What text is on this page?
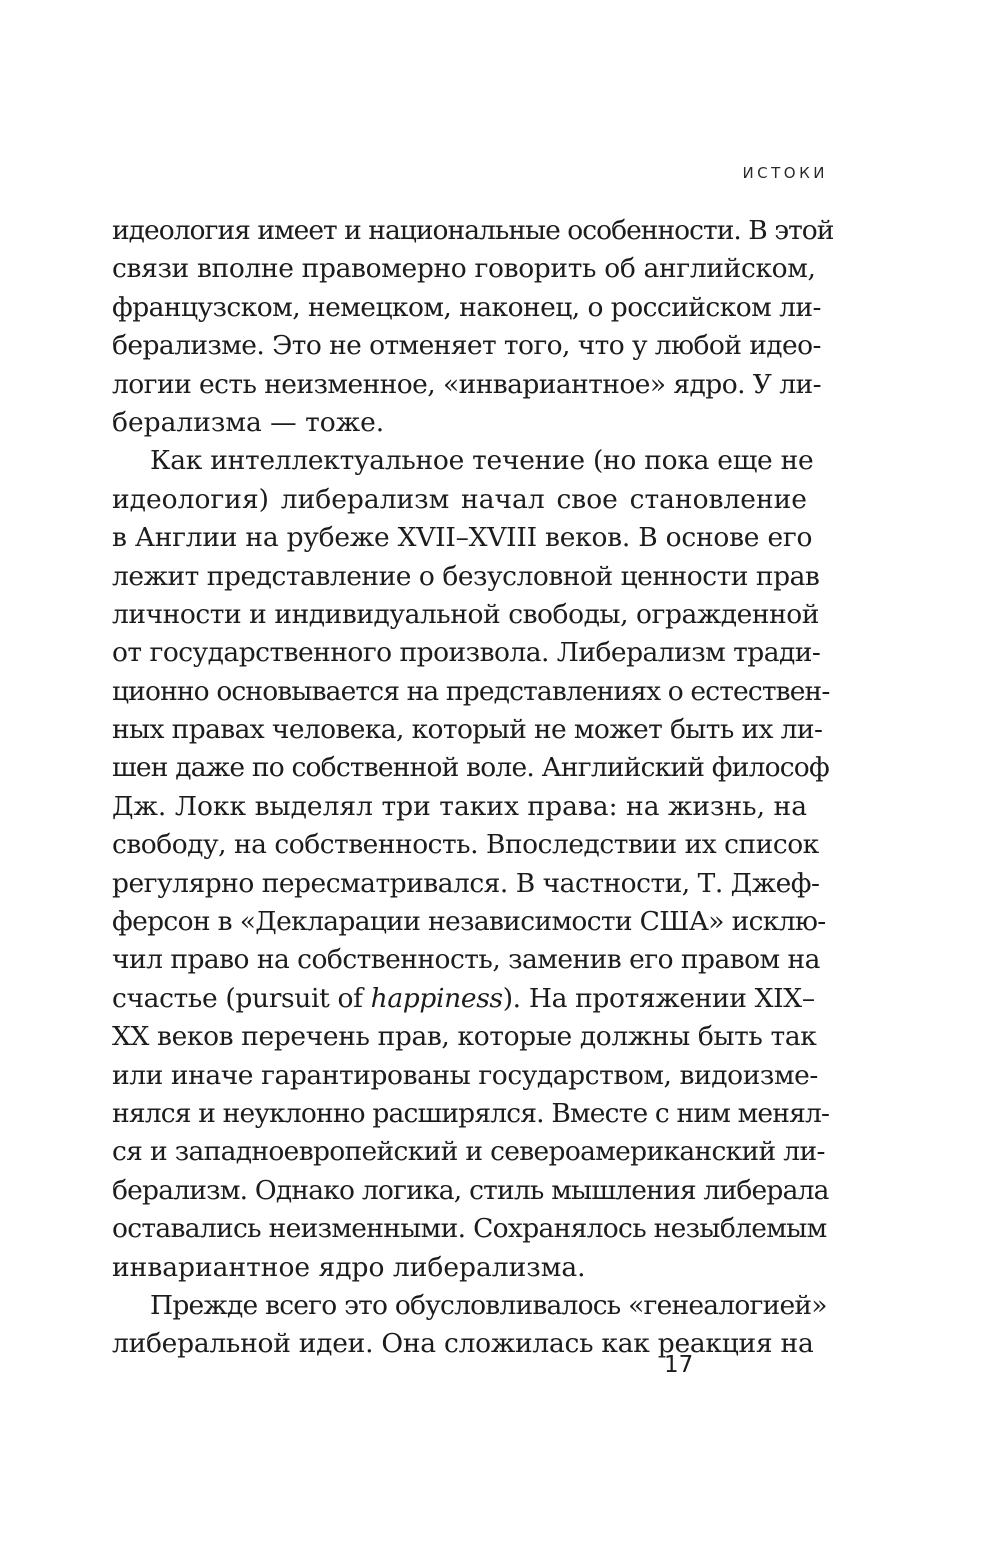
ИСТОКИ
идеология имеет и национальные особенности. В этой
связи вполне правомерно говорить об английском,
французском, немецком, наконец, о российском ли-
берализме. Это не отменяет того, что у любой идео-
логии есть неизменное, «инвариантное» ядро. У ли-
берализма — тоже.
Как интеллектуальное течение (но пока еще не
идеология) либерализм начал свое становление
в Англии на рубеже XVII–XVIII веков. В основе его
лежит представление о безусловной ценности прав
личности и индивидуальной свободы, огражденной
от государственного произвола. Либерализм тради-
ционно основывается на представлениях о естествен-
ных правах человека, который не может быть их ли-
шен даже по собственной воле. Английский философ
Дж. Локк выделял три таких права: на жизнь, на
свободу, на собственность. Впоследствии их список
регулярно пересматривался. В частности, Т. Джеф-
ферсон в «Декларации независимости США» исклю-
чил право на собственность, заменив его правом на
счастье (pursuit of happiness). На протяжении XIX–
XX веков перечень прав, которые должны быть так
или иначе гарантированы государством, видоизме-
нялся и неуклонно расширялся. Вместе с ним менял-
ся и западноевропейский и североамериканский ли-
берализм. Однако логика, стиль мышления либерала
оставались неизменными. Сохранялось незыблемым
инвариантное ядро либерализма.
Прежде всего это обусловливалось «генеалогией»
либеральной идеи. Она сложилась как реакция на
17
